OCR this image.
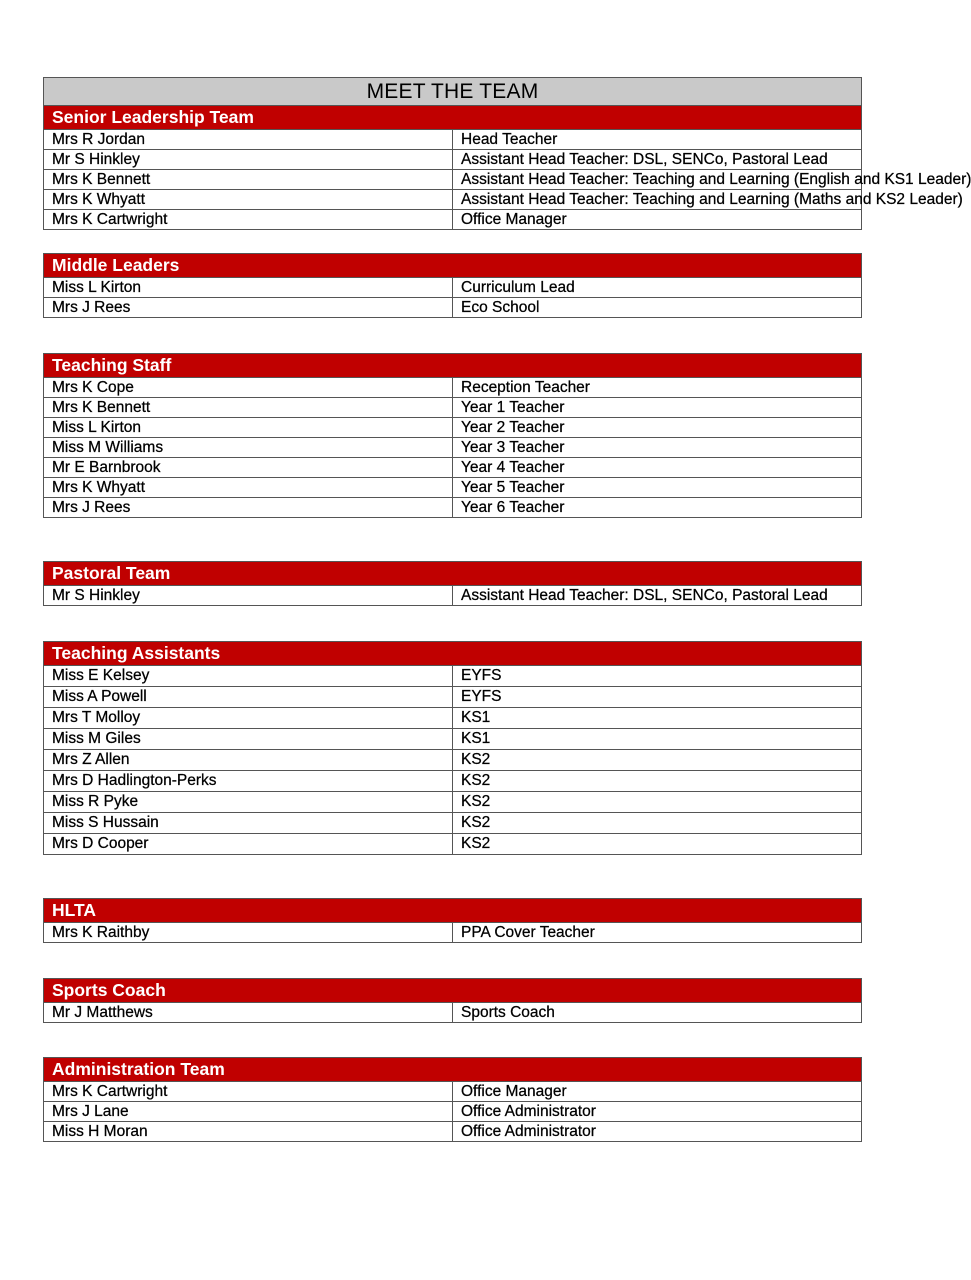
MEET THE TEAM
Senior Leadership Team	
Mrs R Jordan	Head Teacher
Mr S Hinkley	Assistant Head Teacher: DSL, SENCo, Pastoral Lead
Mrs K Bennett	Assistant Head Teacher: Teaching and Learning (English and KS1 Leader)
Mrs K Whyatt	Assistant Head Teacher: Teaching and Learning (Maths and KS2 Leader)
Mrs K Cartwright	Office Manager
Middle Leaders	
Miss L Kirton	Curriculum Lead
Mrs J Rees	Eco School
Teaching Staff	
Mrs K Cope	Reception Teacher
Mrs K Bennett	Year 1 Teacher
Miss L Kirton	Year 2 Teacher
Miss M Williams	Year 3 Teacher
Mr E Barnbrook	Year 4 Teacher
Mrs K Whyatt	Year 5 Teacher
Mrs J Rees	Year 6 Teacher
Pastoral Team
Mr S Hinkley	Assistant Head Teacher: DSL, SENCo, Pastoral Lead
Teaching Assistants	
Miss E Kelsey	EYFS
Miss A Powell	EYFS
Mrs T Molloy	KS1
Miss M Giles	KS1
Mrs Z Allen	KS2
Mrs D Hadlington-Perks	KS2
Miss R Pyke	KS2
Miss S Hussain	KS2
Mrs D Cooper	KS2
HLTA
Mrs K Raithby	PPA Cover Teacher
Sports Coach
Mr J Matthews	Sports Coach
Administration Team	
Mrs K Cartwright	Office Manager
Mrs J Lane	Office Administrator
Miss H Moran	Office Administrator
